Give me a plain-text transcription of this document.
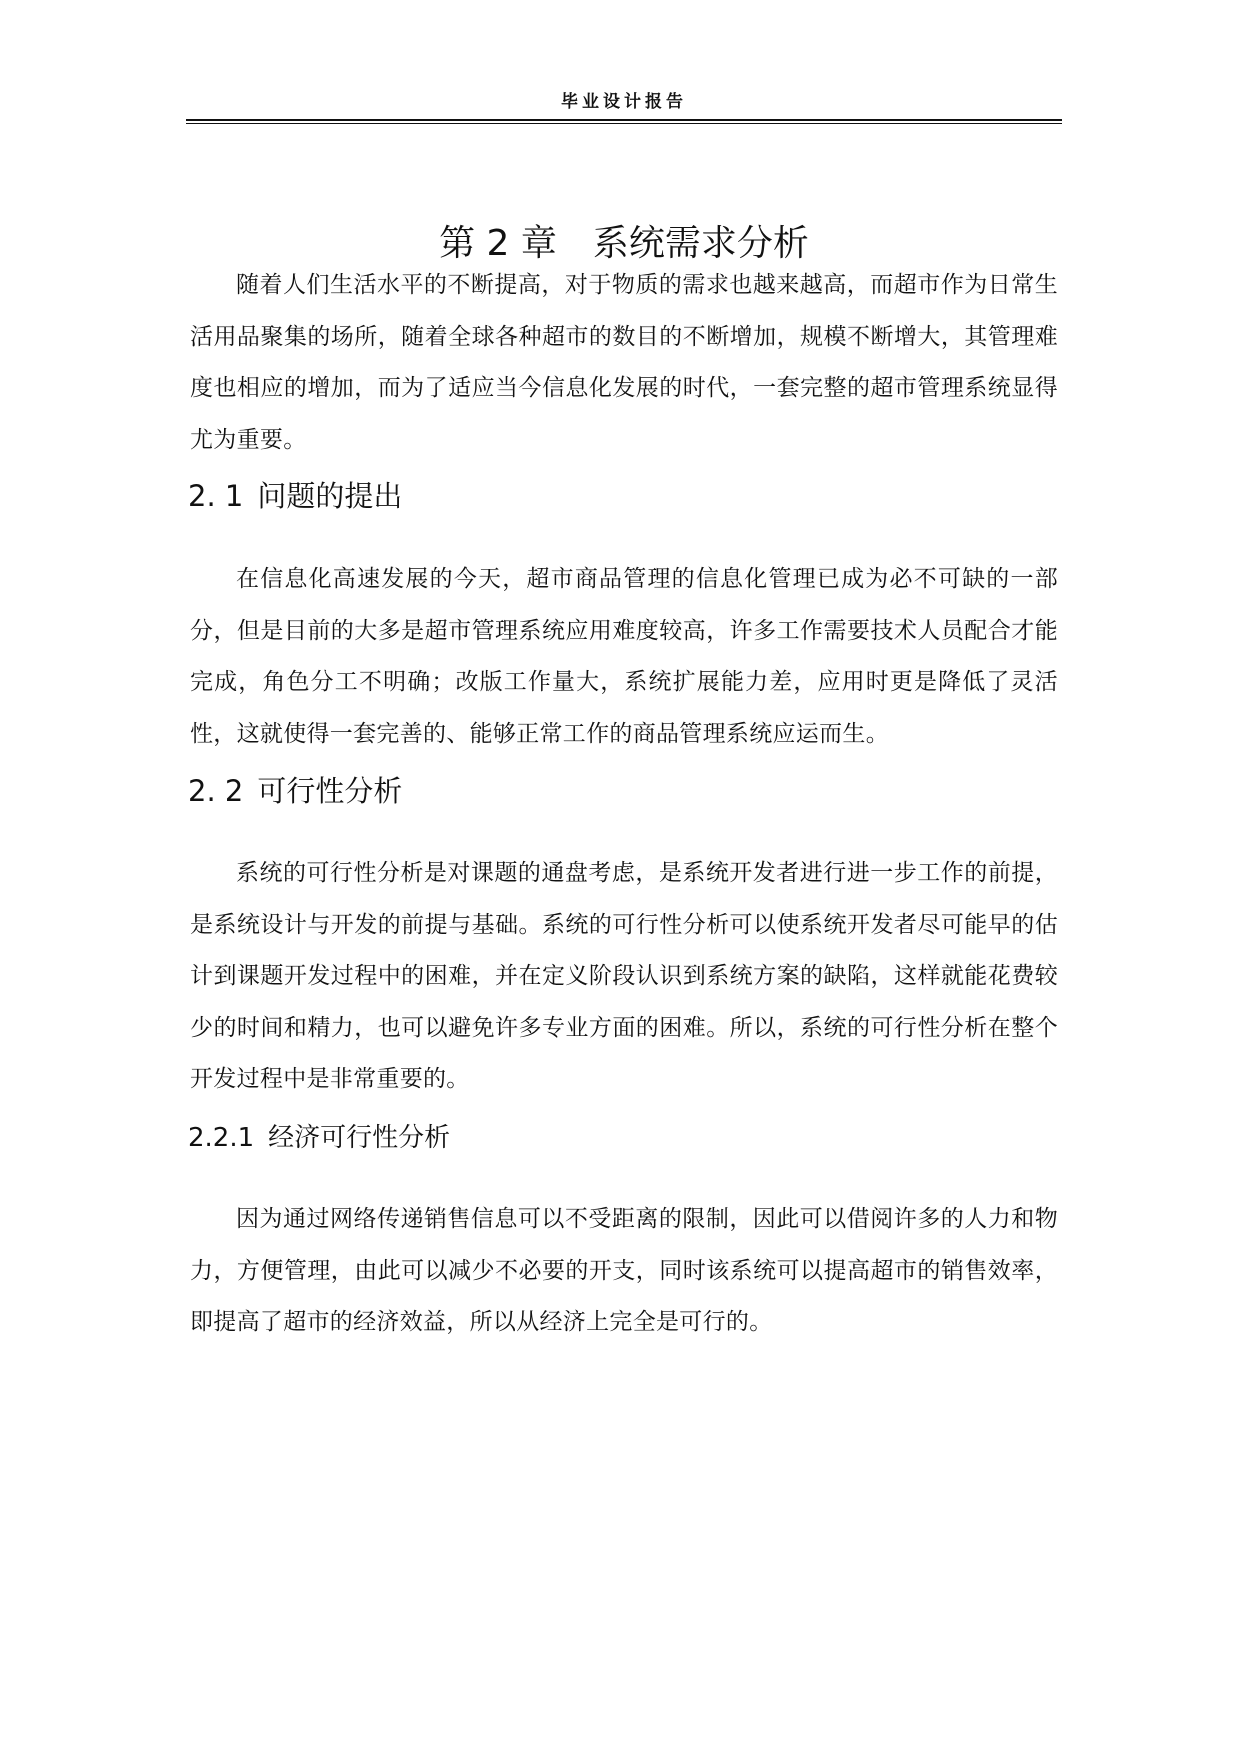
毕业设计报告
第 2 章　系统需求分析

随着人们生活水平的不断提高，对于物质的需求也越来越高，而超市作为日常生活用品聚集的场所，随着全球各种超市的数目的不断增加，规模不断增大，其管理难度也相应的增加，而为了适应当今信息化发展的时代，一套完整的超市管理系统显得尤为重要。

2. 1 问题的提出

在信息化高速发展的今天，超市商品管理的信息化管理已成为必不可缺的一部分，但是目前的大多是超市管理系统应用难度较高，许多工作需要技术人员配合才能完成，角色分工不明确；改版工作量大，系统扩展能力差，应用时更是降低了灵活性，这就使得一套完善的、能够正常工作的商品管理系统应运而生。

2. 2 可行性分析

系统的可行性分析是对课题的通盘考虑，是系统开发者进行进一步工作的前提，是系统设计与开发的前提与基础。系统的可行性分析可以使系统开发者尽可能早的估计到课题开发过程中的困难，并在定义阶段认识到系统方案的缺陷，这样就能花费较少的时间和精力，也可以避免许多专业方面的困难。所以，系统的可行性分析在整个开发过程中是非常重要的。

2.2.1 经济可行性分析

因为通过网络传递销售信息可以不受距离的限制，因此可以借阅许多的人力和物力，方便管理，由此可以减少不必要的开支，同时该系统可以提高超市的销售效率，即提高了超市的经济效益，所以从经济上完全是可行的。
